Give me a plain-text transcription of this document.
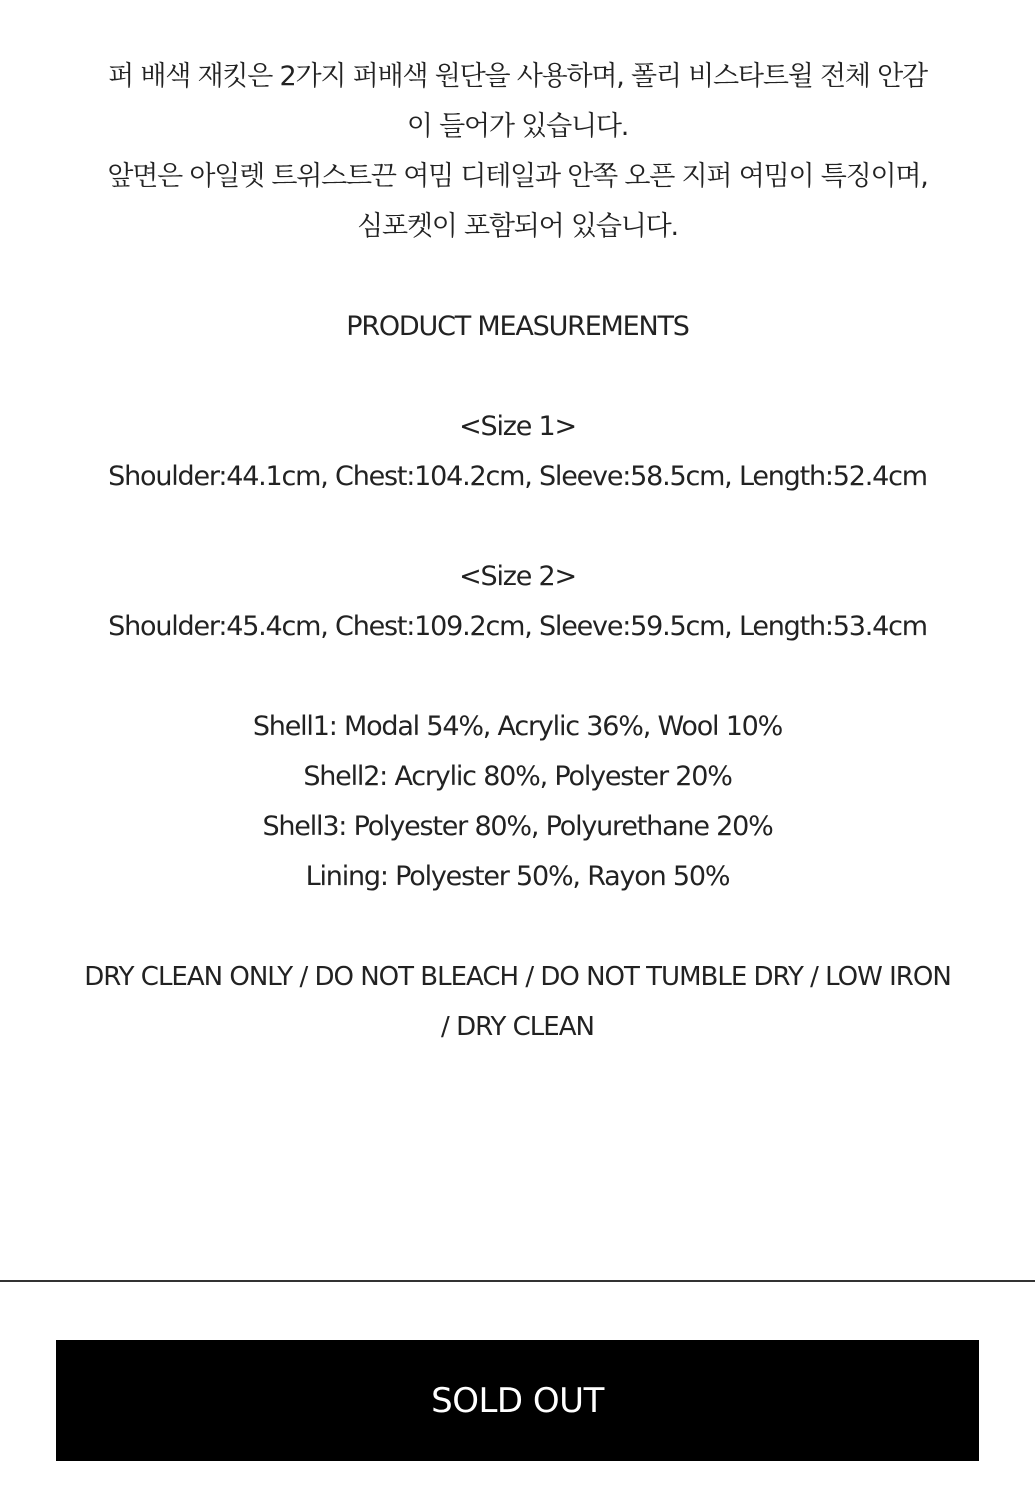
퍼 배색 재킷은 2가지 퍼배색 원단을 사용하며, 폴리 비스타트윌 전체 안감
이 들어가 있습니다.
앞면은 아일렛 트위스트끈 여밈 디테일과 안쪽 오픈 지퍼 여밈이 특징이며,
심포켓이 포함되어 있습니다.
PRODUCT MEASUREMENTS
<Size 1>
Shoulder:44.1cm, Chest:104.2cm, Sleeve:58.5cm, Length:52.4cm
<Size 2>
Shoulder:45.4cm, Chest:109.2cm, Sleeve:59.5cm, Length:53.4cm
Shell1: Modal 54%, Acrylic 36%, Wool 10%
Shell2: Acrylic 80%, Polyester 20%
Shell3: Polyester 80%, Polyurethane 20%
Lining: Polyester 50%, Rayon 50%
DRY CLEAN ONLY / DO NOT BLEACH / DO NOT TUMBLE DRY / LOW IRON / DRY CLEAN
SOLD OUT
